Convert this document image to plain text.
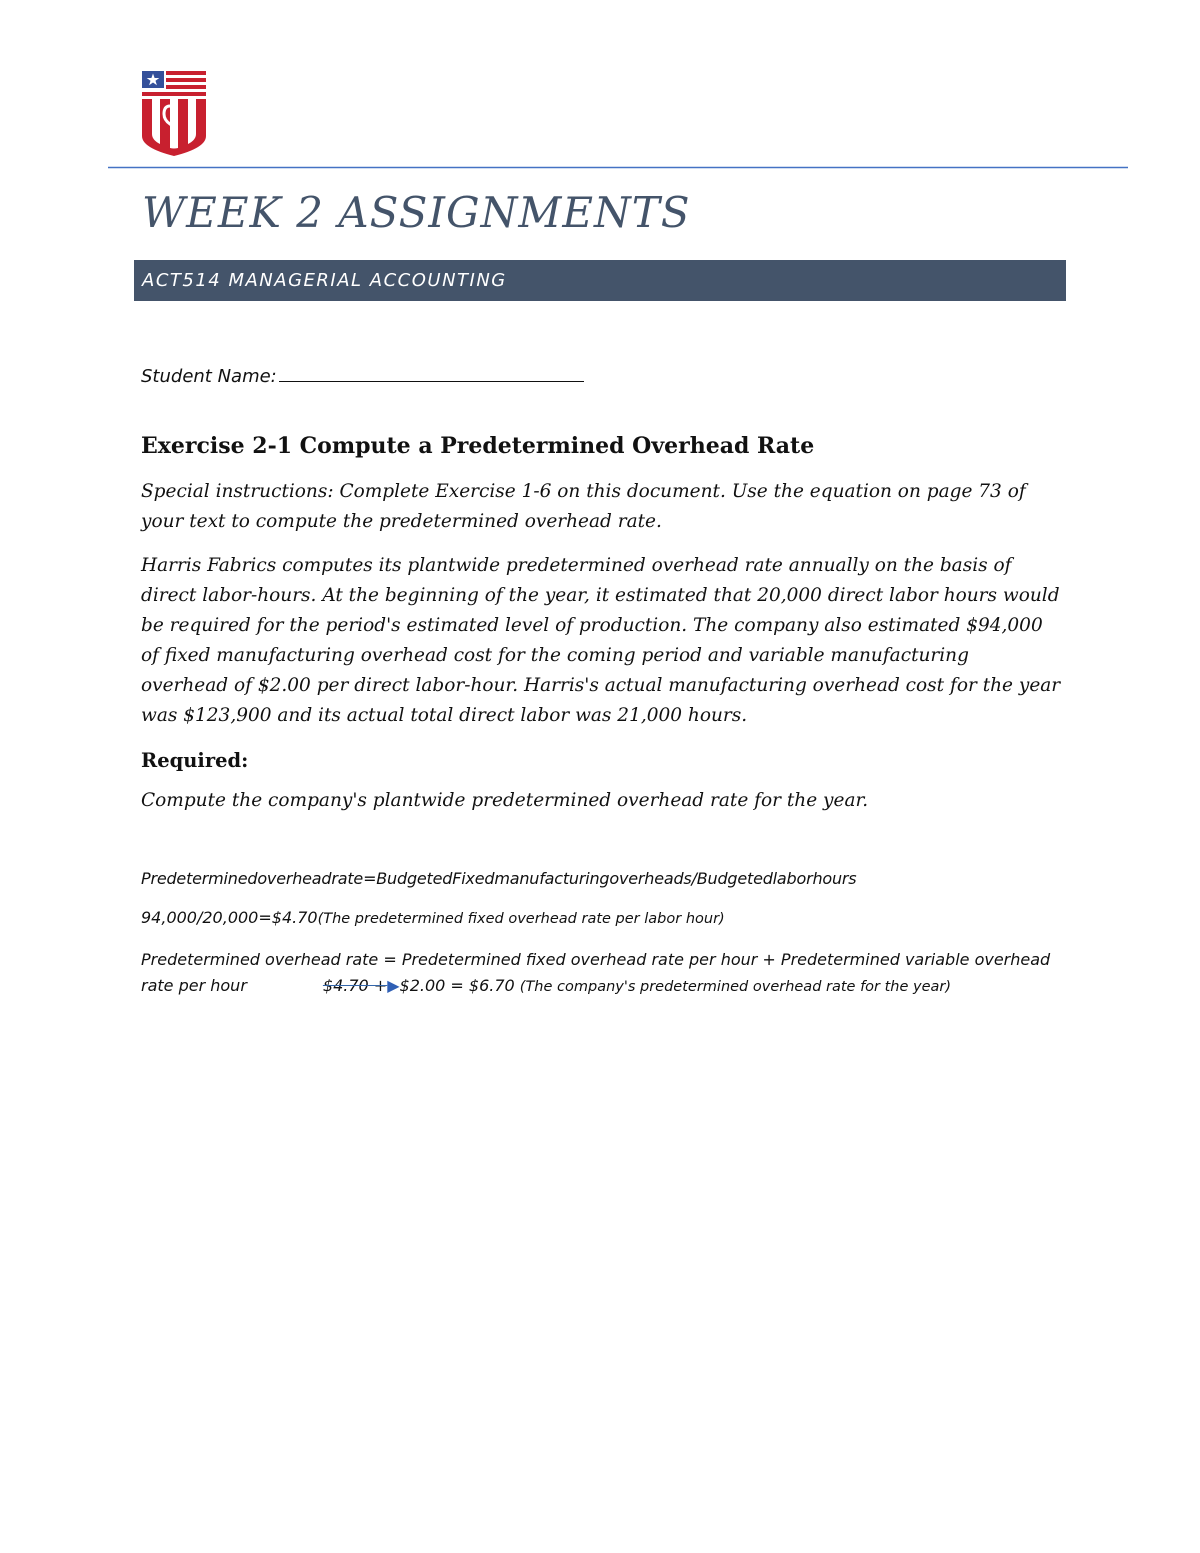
WEEK 2 ASSIGNMENTS
ACT514 MANAGERIAL ACCOUNTING

Student Name:

Exercise 2-1 Compute a Predetermined Overhead Rate

Special instructions: Complete Exercise 1-6 on this document. Use the equation on page 73 of your text to compute the predetermined overhead rate.

Harris Fabrics computes its plantwide predetermined overhead rate annually on the basis of direct labor-hours. At the beginning of the year, it estimated that 20,000 direct labor hours would be required for the period's estimated level of production. The company also estimated $94,000 of fixed manufacturing overhead cost for the coming period and variable manufacturing overhead of $2.00 per direct labor-hour. Harris's actual manufacturing overhead cost for the year was $123,900 and its actual total direct labor was 21,000 hours.

Required:

Compute the company's plantwide predetermined overhead rate for the year.

Predeterminedoverheadrate=BudgetedFixedmanufacturingoverheads/Budgetedlaborhours

94,000/20,000=$4.70(The predetermined fixed overhead rate per labor hour)

Predetermined overhead rate = Predetermined fixed overhead rate per hour + Predetermined variable overhead rate per hour	$4.70 +▶$2.00 = $6.70 (The company's predetermined overhead rate for the year)
